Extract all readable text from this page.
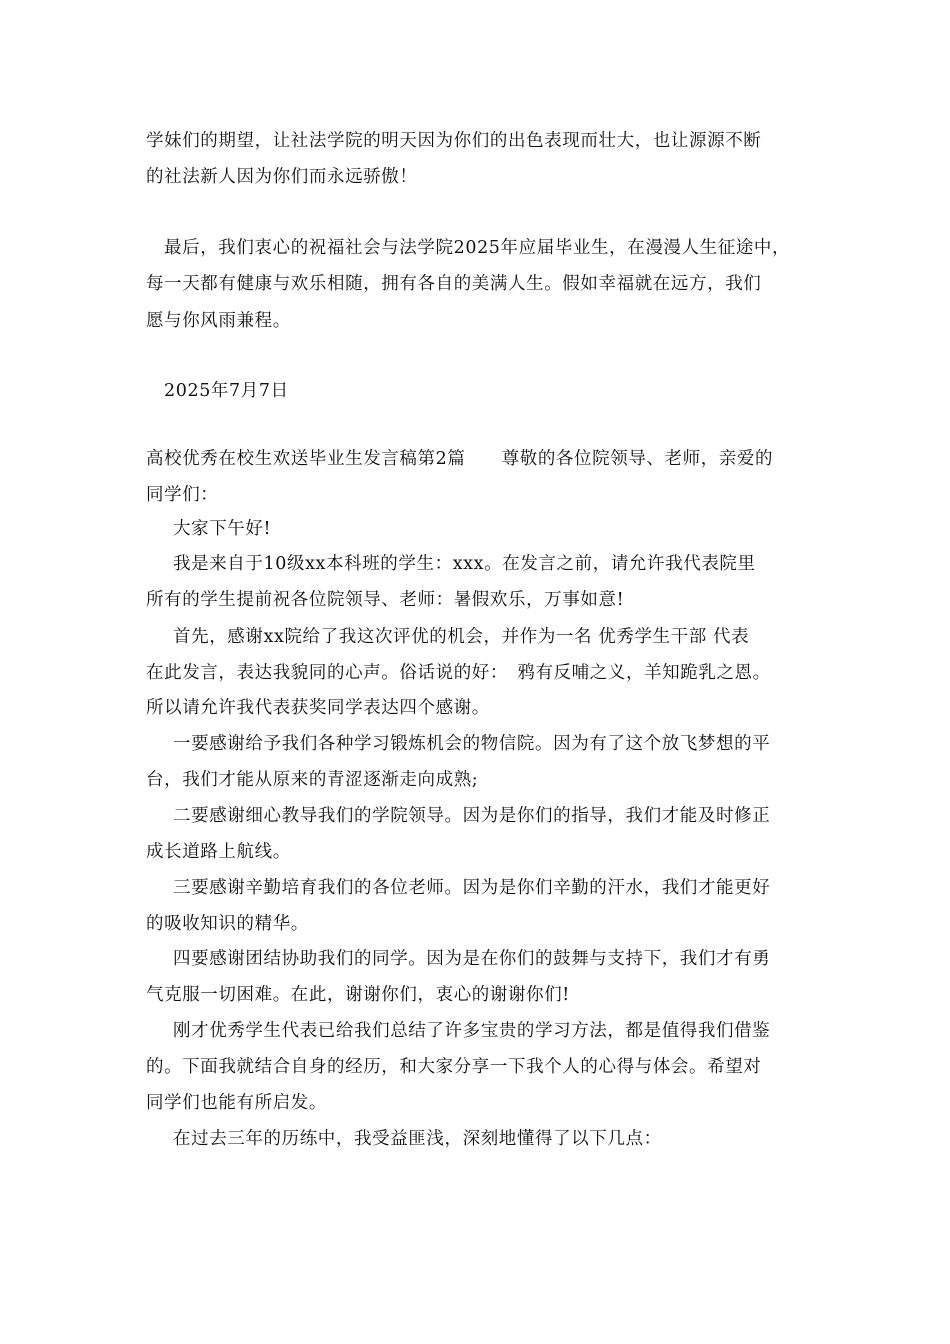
学妹们的期望，让社法学院的明天因为你们的出色表现而壮大，也让源源不断
的社法新人因为你们而永远骄傲！
最后，我们衷心的祝福社会与法学院2025年应届毕业生，在漫漫人生征途中，
每一天都有健康与欢乐相随，拥有各自的美满人生。假如幸福就在远方，我们
愿与你风雨兼程。
2025年7月7日
高校优秀在校生欢送毕业生发言稿第2篇　　尊敬的各位院领导、老师，亲爱的
同学们：
大家下午好!
我是来自于10级xx本科班的学生：xxx。在发言之前，请允许我代表院里
所有的学生提前祝各位院领导、老师：暑假欢乐，万事如意!
首先，感谢xx院给了我这次评优的机会，并作为一名 优秀学生干部 代表
在此发言，表达我貌同的心声。俗话说的好：　鸦有反哺之义，羊知跪乳之恩。
所以请允许我代表获奖同学表达四个感谢。
一要感谢给予我们各种学习锻炼机会的物信院。因为有了这个放飞梦想的平
台，我们才能从原来的青涩逐渐走向成熟;
二要感谢细心教导我们的学院领导。因为是你们的指导，我们才能及时修正
成长道路上航线。
三要感谢辛勤培育我们的各位老师。因为是你们辛勤的汗水，我们才能更好
的吸收知识的精华。
四要感谢团结协助我们的同学。因为是在你们的鼓舞与支持下，我们才有勇
气克服一切困难。在此，谢谢你们，衷心的谢谢你们!
刚才优秀学生代表已给我们总结了许多宝贵的学习方法，都是值得我们借鉴
的。下面我就结合自身的经历，和大家分享一下我个人的心得与体会。希望对
同学们也能有所启发。
在过去三年的历练中，我受益匪浅，深刻地懂得了以下几点：
